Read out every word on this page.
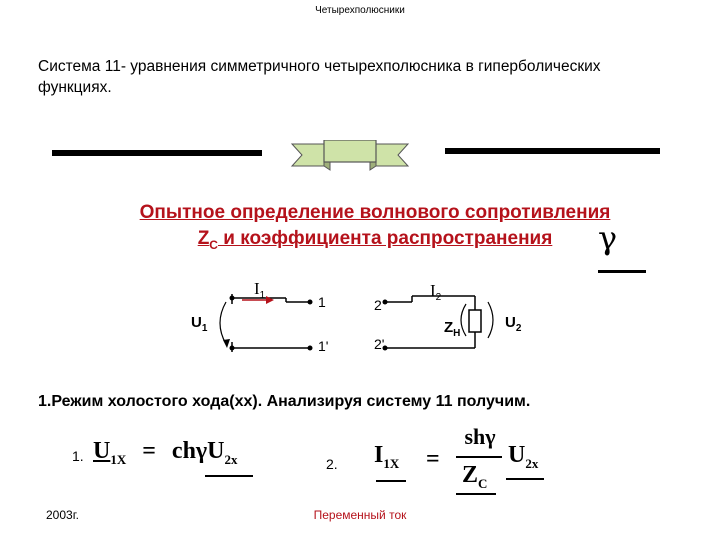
Четырехполюсники
Система 11- уравнения симметричного четырехполюсника в гиперболических функциях.
Опытное определение волнового сопротивления
$Z_C$ и коэффициента распространения	γ
$I_1$	$I_2$
$U_1$	$U_2$
1	2
1'	2'
$Z_H$
1.Режим холостого хода(хх). Анализируя систему 11 получим.
1. $U_{1X} = ch\gamma U_{2x}$	2. $I_{1X}$ =
shγ
$Z_C$
$U_{2x}$
2003г.	Переменный ток
